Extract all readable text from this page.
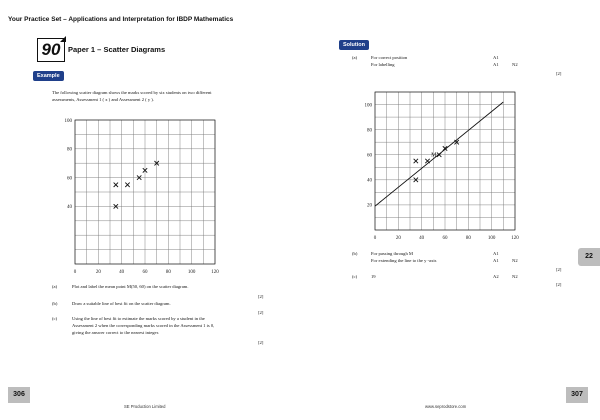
Your Practice Set – Applications and Interpretation for IBDP Mathematics
90	Paper 1 – Scatter Diagrams
Example
The following scatter diagram shows the marks scored by six students on two different
assessments, Assessment 1 ( x ) and Assessment 2 ( y ).
0	20	40	60	80	100	120
40
60
80
100
(a)	Plot and label the mean point M(50, 60) on the scatter diagram.
[2]
(b)	Draw a suitable line of best fit on the scatter diagram.
[2]
(c)	Using the line of best fit to estimate the marks scored by a student in the
Assessment 2 when the corresponding marks scored in the Assessment 1 is 0,
giving the answer correct to the nearest integer.
[2]
Solution
(a)	For correct position	A1
For labelling	A1	N2
[2]
0	20	40	60	80	100	120
20
40
60
80
100
M
(b)	For passing through M	A1
For extending the line to the y -axis	A1	N2
[2]
(c)	19	A2	N2
[2]
22
306	307
SE Production Limited	www.seprodstore.com
